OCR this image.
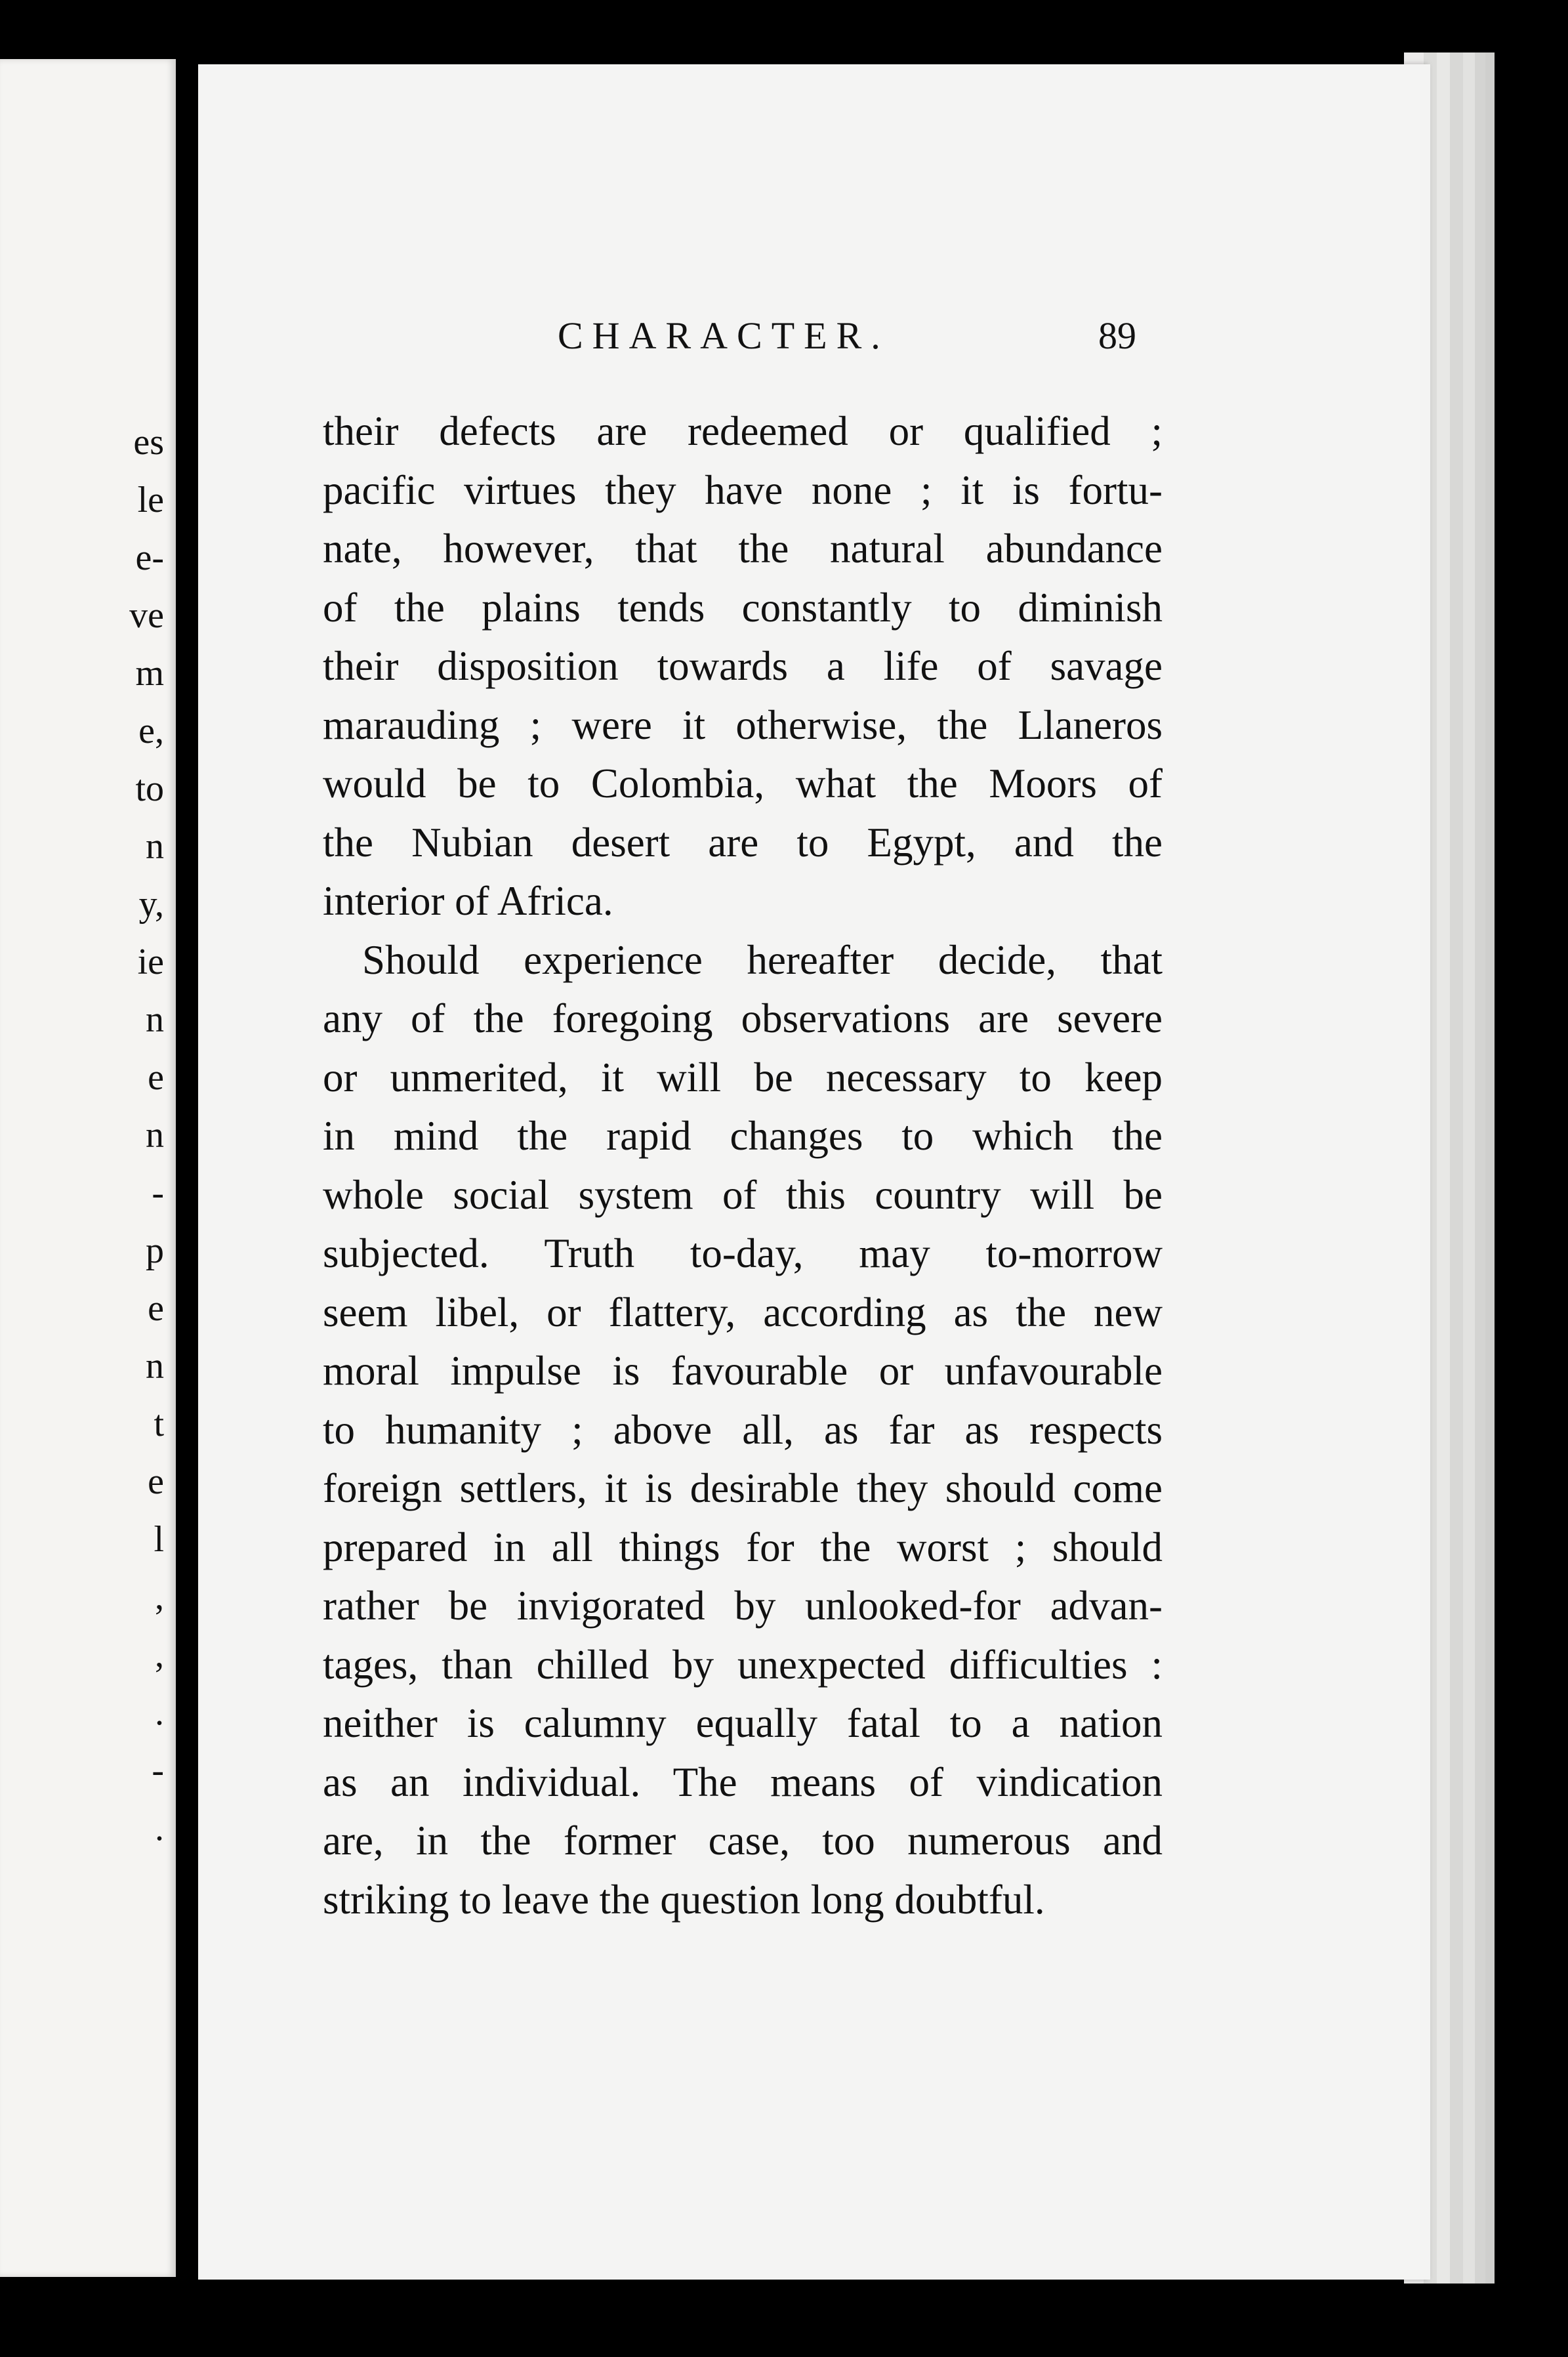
es
le
e-
ve
m
e,
to
n
y,
ie
n
e
n
-
p
e
n
t
e
l
,
,
.
-
.
CHARACTER.	89

their defects are redeemed or qualified ;
pacific virtues they have none ; it is fortu-
nate, however, that the natural abundance
of the plains tends constantly to diminish
their disposition towards a life of savage
marauding ; were it otherwise, the Llaneros
would be to Colombia, what the Moors of
the Nubian desert are to Egypt, and the
interior of Africa.

Should experience hereafter decide, that
any of the foregoing observations are severe
or unmerited, it will be necessary to keep
in mind the rapid changes to which the
whole social system of this country will be
subjected. Truth to-day, may to-morrow
seem libel, or flattery, according as the new
moral impulse is favourable or unfavourable
to humanity ; above all, as far as respects
foreign settlers, it is desirable they should come
prepared in all things for the worst ; should
rather be invigorated by unlooked-for advan-
tages, than chilled by unexpected difficulties :
neither is calumny equally fatal to a nation
as an individual. The means of vindication
are, in the former case, too numerous and
striking to leave the question long doubtful.
